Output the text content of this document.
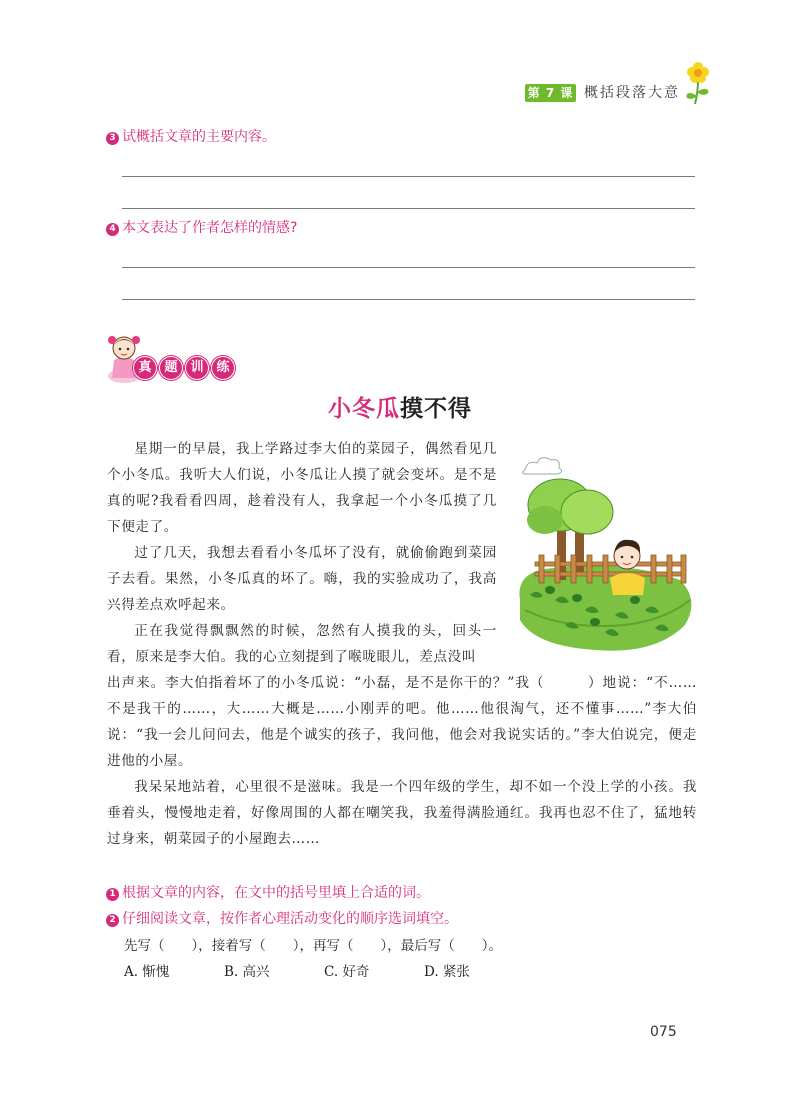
第 7 课 概括段落大意
3 试概括文章的主要内容。
4 本文表达了作者怎样的情感?
真 题 训 练
小冬瓜摸不得

星期一的早晨，我上学路过李大伯的菜园子，偶然看见几个小冬瓜。我听大人们说，小冬瓜让人摸了就会变坏。是不是真的呢?我看看四周，趁着没有人，我拿起一个小冬瓜摸了几下便走了。

过了几天，我想去看看小冬瓜坏了没有，就偷偷跑到菜园子去看。果然，小冬瓜真的坏了。嗨，我的实验成功了，我高兴得差点欢呼起来。

正在我觉得飘飘然的时候，忽然有人摸我的头，回头一看，原来是李大伯。我的心立刻提到了喉咙眼儿，差点没叫

出声来。李大伯指着坏了的小冬瓜说：“小磊，是不是你干的？”我（　　　）地说：“不……不是我干的……，大……大概是……小刚弄的吧。他……他很淘气，还不懂事……”李大伯说：“我一会儿问问去，他是个诚实的孩子，我问他，他会对我说实话的。”李大伯说完，便走进他的小屋。

我呆呆地站着，心里很不是滋味。我是一个四年级的学生，却不如一个没上学的小孩。我垂着头，慢慢地走着，好像周围的人都在嘲笑我，我羞得满脸通红。我再也忍不住了，猛地转过身来，朝菜园子的小屋跑去……

1 根据文章的内容，在文中的括号里填上合适的词。
2 仔细阅读文章，按作者心理活动变化的顺序选词填空。
先写（　　），接着写（　　），再写（　　），最后写（　　）。
A. 惭愧	B. 高兴	C. 好奇	D. 紧张
075
